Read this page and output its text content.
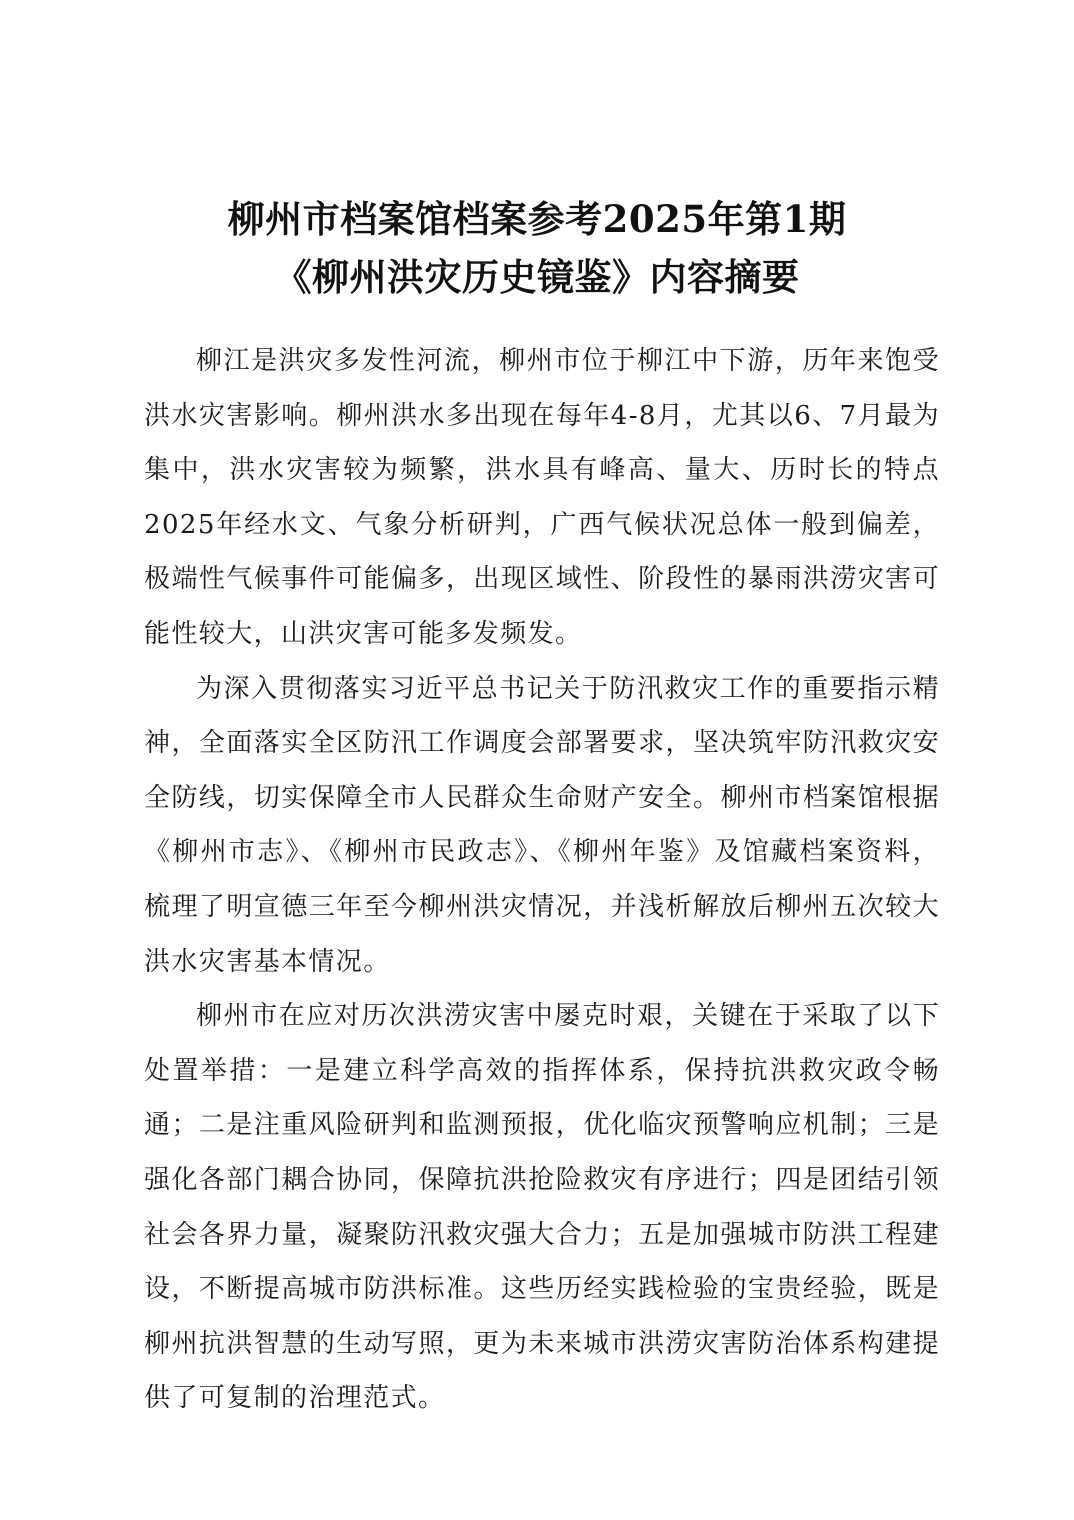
柳州市档案馆档案参考2025年第1期
《柳州洪灾历史镜鉴》内容摘要

柳江是洪灾多发性河流，柳州市位于柳江中下游，历年来饱受洪水灾害影响。柳州洪水多出现在每年4-8月，尤其以6、7月最为集中，洪水灾害较为频繁，洪水具有峰高、量大、历时长的特点2025年经水文、气象分析研判，广西气候状况总体一般到偏差，极端性气候事件可能偏多，出现区域性、阶段性的暴雨洪涝灾害可能性较大，山洪灾害可能多发频发。

为深入贯彻落实习近平总书记关于防汛救灾工作的重要指示精神，全面落实全区防汛工作调度会部署要求，坚决筑牢防汛救灾安全防线，切实保障全市人民群众生命财产安全。柳州市档案馆根据《柳州市志》、《柳州市民政志》、《柳州年鉴》及馆藏档案资料，梳理了明宣德三年至今柳州洪灾情况，并浅析解放后柳州五次较大洪水灾害基本情况。

柳州市在应对历次洪涝灾害中屡克时艰，关键在于采取了以下处置举措：一是建立科学高效的指挥体系，保持抗洪救灾政令畅通；二是注重风险研判和监测预报，优化临灾预警响应机制；三是强化各部门耦合协同，保障抗洪抢险救灾有序进行；四是团结引领社会各界力量，凝聚防汛救灾强大合力；五是加强城市防洪工程建设，不断提高城市防洪标准。这些历经实践检验的宝贵经验，既是柳州抗洪智慧的生动写照，更为未来城市洪涝灾害防治体系构建提供了可复制的治理范式。
